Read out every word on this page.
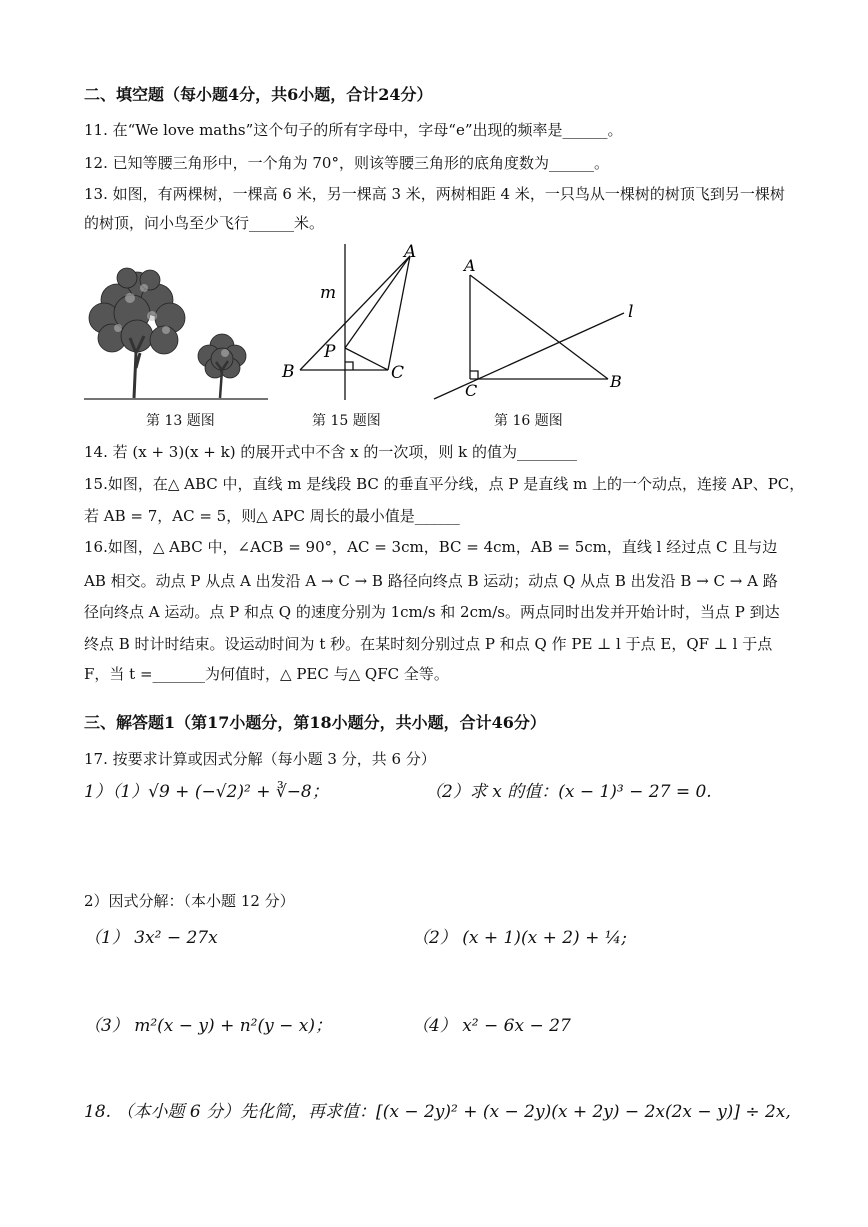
二、填空题（每小题4分，共6小题，合计24分）
11. 在“We love maths”这个句子的所有字母中，字母“e”出现的频率是______。
12. 已知等腰三角形中，一个角为 70°，则该等腰三角形的底角度数为______。
13. 如图，有两棵树，一棵高 6 米，另一棵高 3 米，两树相距 4 米，一只鸟从一棵树的树顶飞到另一棵树
的树顶，问小鸟至少飞行______米。
m
A
P
B	C
A
l
C	B
第 13 题图	第 15 题图	第 16 题图
14. 若 (x + 3)(x + k) 的展开式中不含 x 的一次项，则 k 的值为________
15.如图，在△ ABC 中，直线 m 是线段 BC 的垂直平分线，点 P 是直线 m 上的一个动点，连接 AP、PC，
若 AB = 7，AC = 5，则△ APC 周长的最小值是______
16.如图，△ ABC 中，∠ACB = 90°，AC = 3cm，BC = 4cm，AB = 5cm，直线 l 经过点 C 且与边
AB 相交。动点 P 从点 A 出发沿 A → C → B 路径向终点 B 运动；动点 Q 从点 B 出发沿 B → C → A 路
径向终点 A 运动。点 P 和点 Q 的速度分别为 1cm/s 和 2cm/s。两点同时出发并开始计时，当点 P 到达
终点 B 时计时结束。设运动时间为 t 秒。在某时刻分别过点 P 和点 Q 作 PE ⊥ l 于点 E，QF ⊥ l 于点
F，当 t =_______为何值时，△ PEC 与△ QFC 全等。
三、解答题1（第17小题分，第18小题分，共小题，合计46分）
17. 按要求计算或因式分解（每小题 3 分，共 6 分）
1）（1）√9 + (−√2)² + ∛−8；	（2）求 x 的值：(x − 1)³ − 27 = 0.
2）因式分解：（本小题 12 分）
（1） 3x² − 27x	（2） (x + 1)(x + 2) + ¼;
（3） m²(x − y) + n²(y − x)；	（4） x² − 6x − 27
18. （本小题 6 分）先化简，再求值：[(x − 2y)² + (x − 2y)(x + 2y) − 2x(2x − y)] ÷ 2x,
